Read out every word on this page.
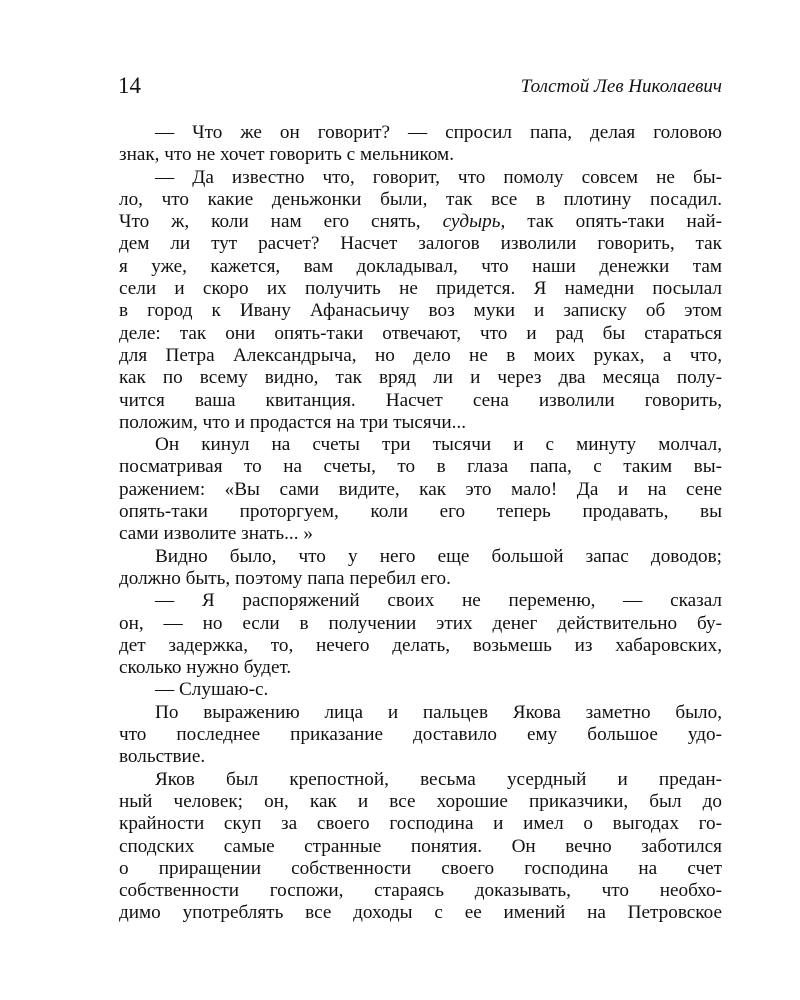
14	Толстой Лев Николаевич
— Что же он говорит? — спросил папа, делая головою
знак, что не хочет говорить с мельником.
— Да известно что, говорит, что помолу совсем не бы-
ло, что какие деньжонки были, так все в плотину посадил.
Что ж, коли нам его снять, судырь, так опять-таки най-
дем ли тут расчет? Насчет залогов изволили говорить, так
я уже, кажется, вам докладывал, что наши денежки там
сели и скоро их получить не придется. Я намедни посылал
в город к Ивану Афанасьичу воз муки и записку об этом
деле: так они опять-таки отвечают, что и рад бы стараться
для Петра Александрыча, но дело не в моих руках, а что,
как по всему видно, так вряд ли и через два месяца полу-
чится ваша квитанция. Насчет сена изволили говорить,
положим, что и продастся на три тысячи...
Он кинул на счеты три тысячи и с минуту молчал,
посматривая то на счеты, то в глаза папа, с таким вы-
ражением: «Вы сами видите, как это мало! Да и на сене
опять-таки проторгуем, коли его теперь продавать, вы
сами изволите знать... »
Видно было, что у него еще большой запас доводов;
должно быть, поэтому папа перебил его.
— Я распоряжений своих не переменю, — сказал
он, — но если в получении этих денег действительно бу-
дет задержка, то, нечего делать, возьмешь из хабаровских,
сколько нужно будет.
— Слушаю-с.
По выражению лица и пальцев Якова заметно было,
что последнее приказание доставило ему большое удо-
вольствие.
Яков был крепостной, весьма усердный и предан-
ный человек; он, как и все хорошие приказчики, был до
крайности скуп за своего господина и имел о выгодах го-
сподских самые странные понятия. Он вечно заботился
о приращении собственности своего господина на счет
собственности госпожи, стараясь доказывать, что необхо-
димо употреблять все доходы с ее имений на Петровское
